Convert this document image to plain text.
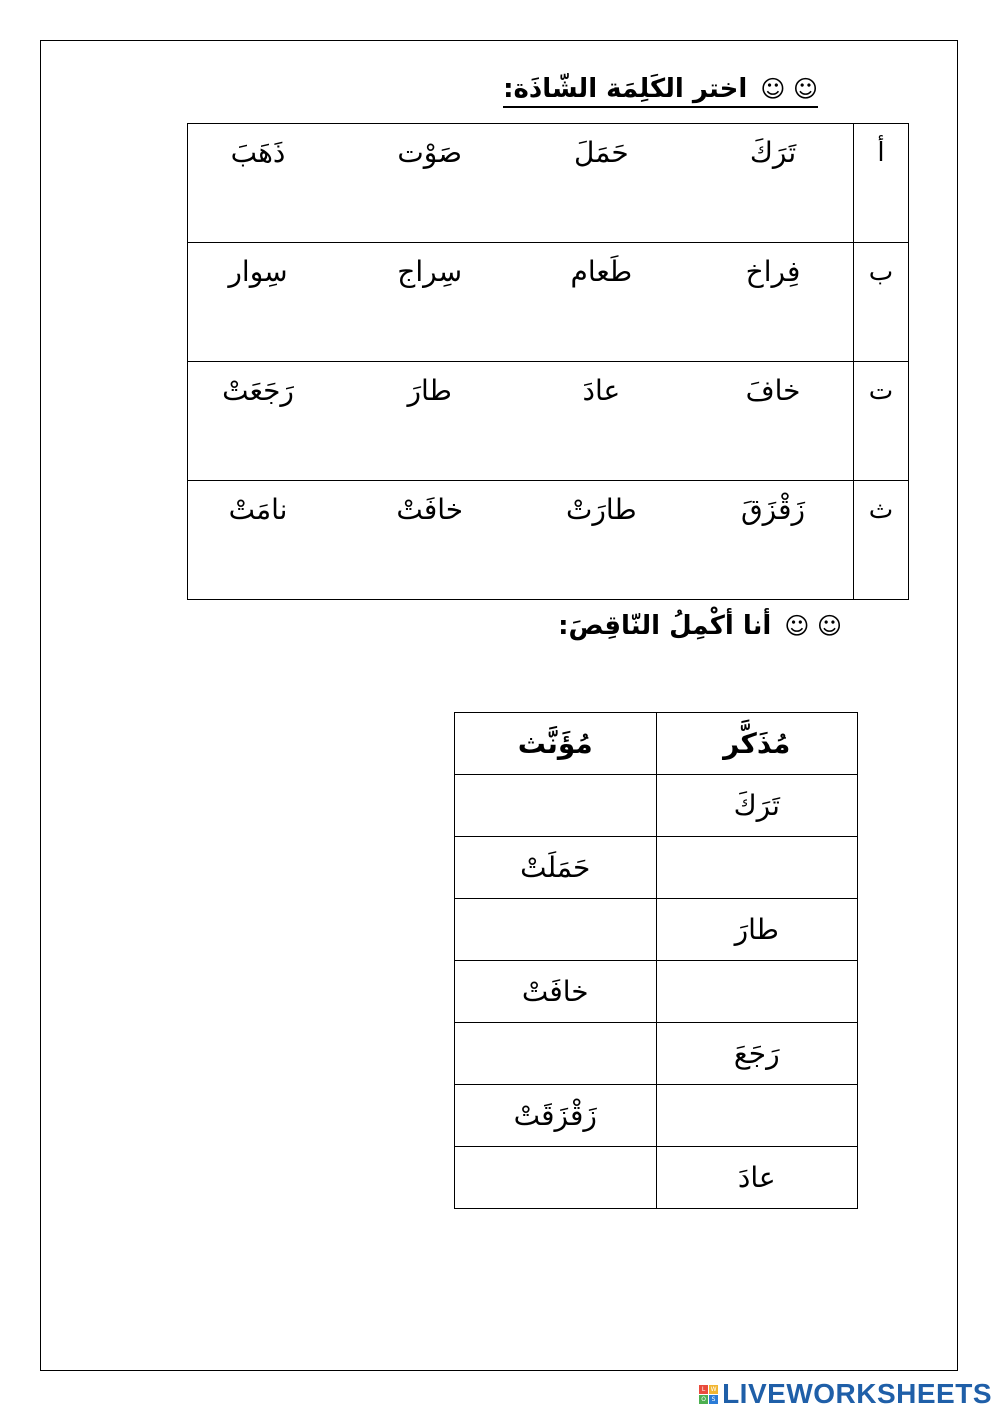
☺ ☺ اختر الكَلِمَة الشّاذَة:
أ	تَرَكَ
حَمَلَ
صَوْت
ذَهَبَ

ب	فِراخ
طَعام
سِراج
سِوار

ت	خافَ
عادَ
طارَ
رَجَعَتْ

ث	زَقْزَقَ
طارَتْ
خافَتْ
نامَتْ
☺ ☺ أنا أكْمِلُ النّاقِصَ:
مُذَكَّر	مُؤَنَّث
تَرَكَ	
	حَمَلَتْ
طارَ	
	خافَتْ
رَجَعَ	
	زَقْزَقَتْ
عادَ	
L W
O S LIVEWORKSHEETS
